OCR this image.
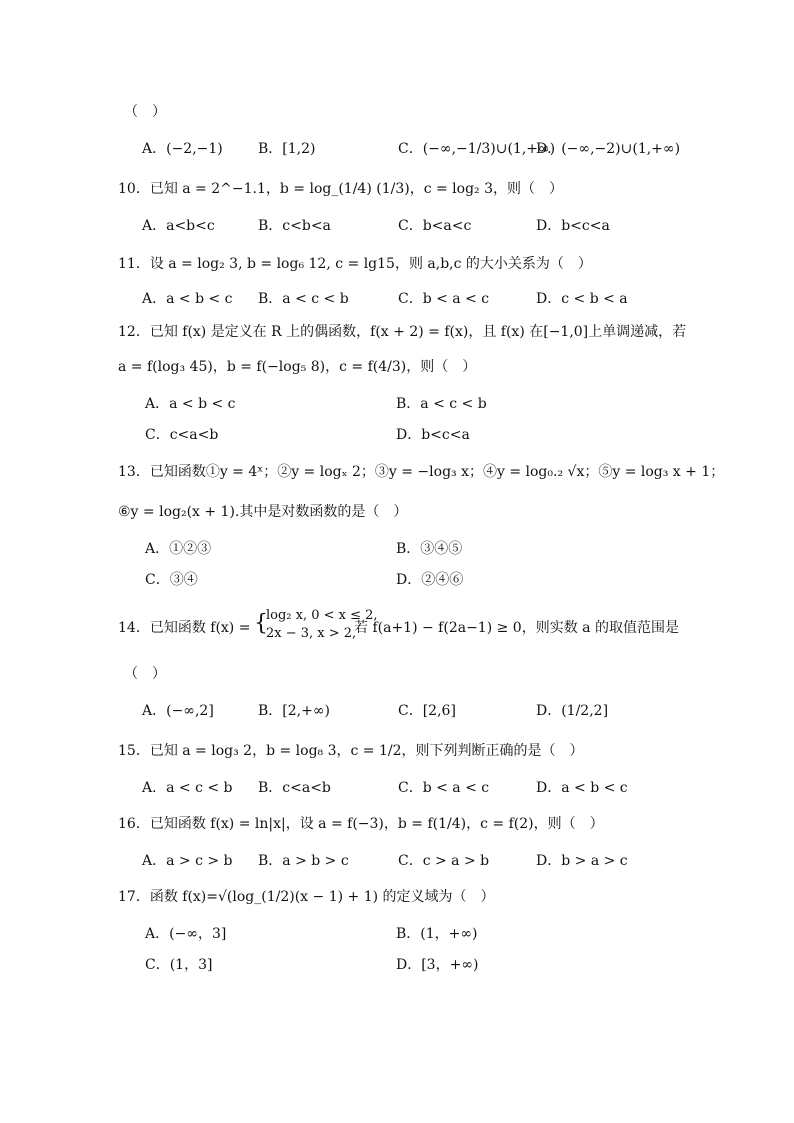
（　）
A．(−2,−1)	B．[1,2)	C．(−∞,−1/3)∪(1,+∞)
D．(−∞,−2)∪(1,+∞)
10．已知 a = 2^−1.1，b = log_(1/4) (1/3)，c = log₂ 3，则（　）
A．a<b<c	B．c<b<a	C．b<a<c	D．b<c<a
11．设 a = log₂ 3, b = log₆ 12, c = lg15，则 a,b,c 的大小关系为（　）
A．a < b < c B．a < c < b	C．b < a < c	D．c < b < a
12．已知 f(x) 是定义在 R 上的偶函数，f(x + 2) = f(x)，且 f(x) 在[−1,0]上单调递减，若
a = f(log₃ 45)，b = f(−log₅ 8)，c = f(4/3)，则（　）
A．a < b < c	B．a < c < b
C．c<a<b	D．b<c<a
13．已知函数①y = 4ˣ；②y = logₓ 2；③y = −log₃ x；④y = log₀.₂ √x；⑤y = log₃ x + 1；
⑥y = log₂(x + 1).其中是对数函数的是（　）
A．①②③	B．③④⑤
C．③④	D．②④⑥
14．已知函数 f(x) = {
log₂ x, 0 < x ≤ 2,
2x − 3, x > 2,
若 f(a+1) − f(2a−1) ≥ 0，则实数 a 的取值范围是
（　）
A．(−∞,2]	B．[2,+∞)	C．[2,6]	D．(1/2,2]
15．已知 a = log₃ 2，b = log₈ 3，c = 1/2，则下列判断正确的是（　）
A．a < c < b B．c<a<b	C．b < a < c	D．a < b < c
16．已知函数 f(x) = ln|x|，设 a = f(−3)，b = f(1/4)，c = f(2)，则（　）
A．a > c > b B．a > b > c	C．c > a > b	D．b > a > c
17．函数 f(x)=√(log_(1/2)(x − 1) + 1) 的定义域为（　）
A．(−∞，3]	B．(1，+∞)
C．(1，3]	D．[3，+∞)
